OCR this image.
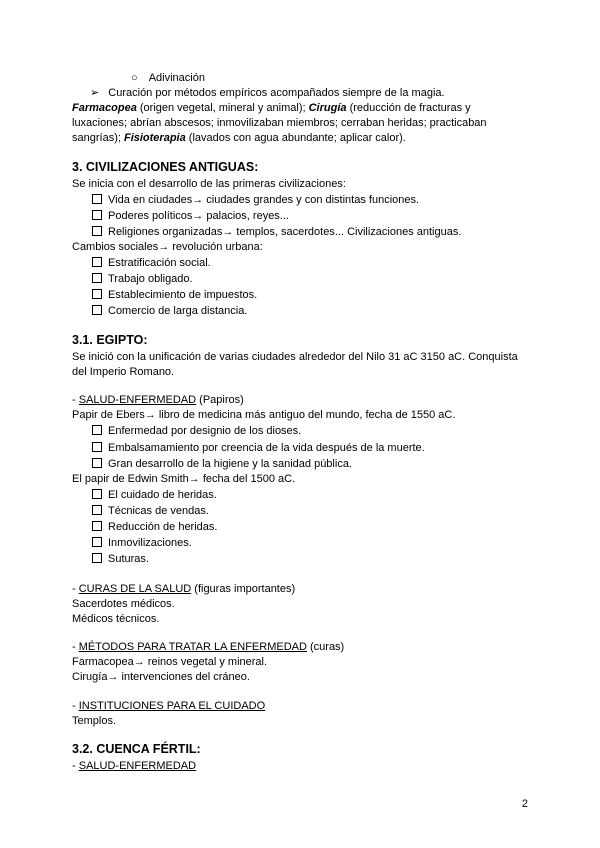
○ Adivinación
➢ Curación por métodos empíricos acompañados siempre de la magia.
Farmacopea (origen vegetal, mineral y animal); Cirugía (reducción de fracturas y
luxaciones; abrían abscesos; inmovilizaban miembros; cerraban heridas; practicaban
sangrías); Fisioterapia (lavados con agua abundante; aplicar calor).
3. CIVILIZACIONES ANTIGUAS:
Se inicia con el desarrollo de las primeras civilizaciones:
Vida en ciudades→ ciudades grandes y con distintas funciones.
Poderes políticos→ palacios, reyes...
Religiones organizadas→ templos, sacerdotes... Civilizaciones antiguas.
Cambios sociales→ revolución urbana:
Estratificación social.
Trabajo obligado.
Establecimiento de impuestos.
Comercio de larga distancia.
3.1. EGIPTO:
Se inició con la unificación de varias ciudades alrededor del Nilo 31 aC 3150 aC. Conquista
del Imperio Romano.
- SALUD-ENFERMEDAD (Papiros)
Papir de Ebers→ libro de medicina más antiguo del mundo, fecha de 1550 aC.
Enfermedad por designio de los dioses.
Embalsamamiento por creencia de la vida después de la muerte.
Gran desarrollo de la higiene y la sanidad pública.
El papir de Edwin Smith→ fecha del 1500 aC.
El cuidado de heridas.
Técnicas de vendas.
Reducción de heridas.
Inmovilizaciones.
Suturas.
- CURAS DE LA SALUD (figuras importantes)
Sacerdotes médicos.
Médicos técnicos.
- MÉTODOS PARA TRATAR LA ENFERMEDAD (curas)
Farmacopea→ reinos vegetal y mineral.
Cirugía→ intervenciones del cráneo.
- INSTITUCIONES PARA EL CUIDADO
Templos.
3.2. CUENCA FÉRTIL:
- SALUD-ENFERMEDAD
2
